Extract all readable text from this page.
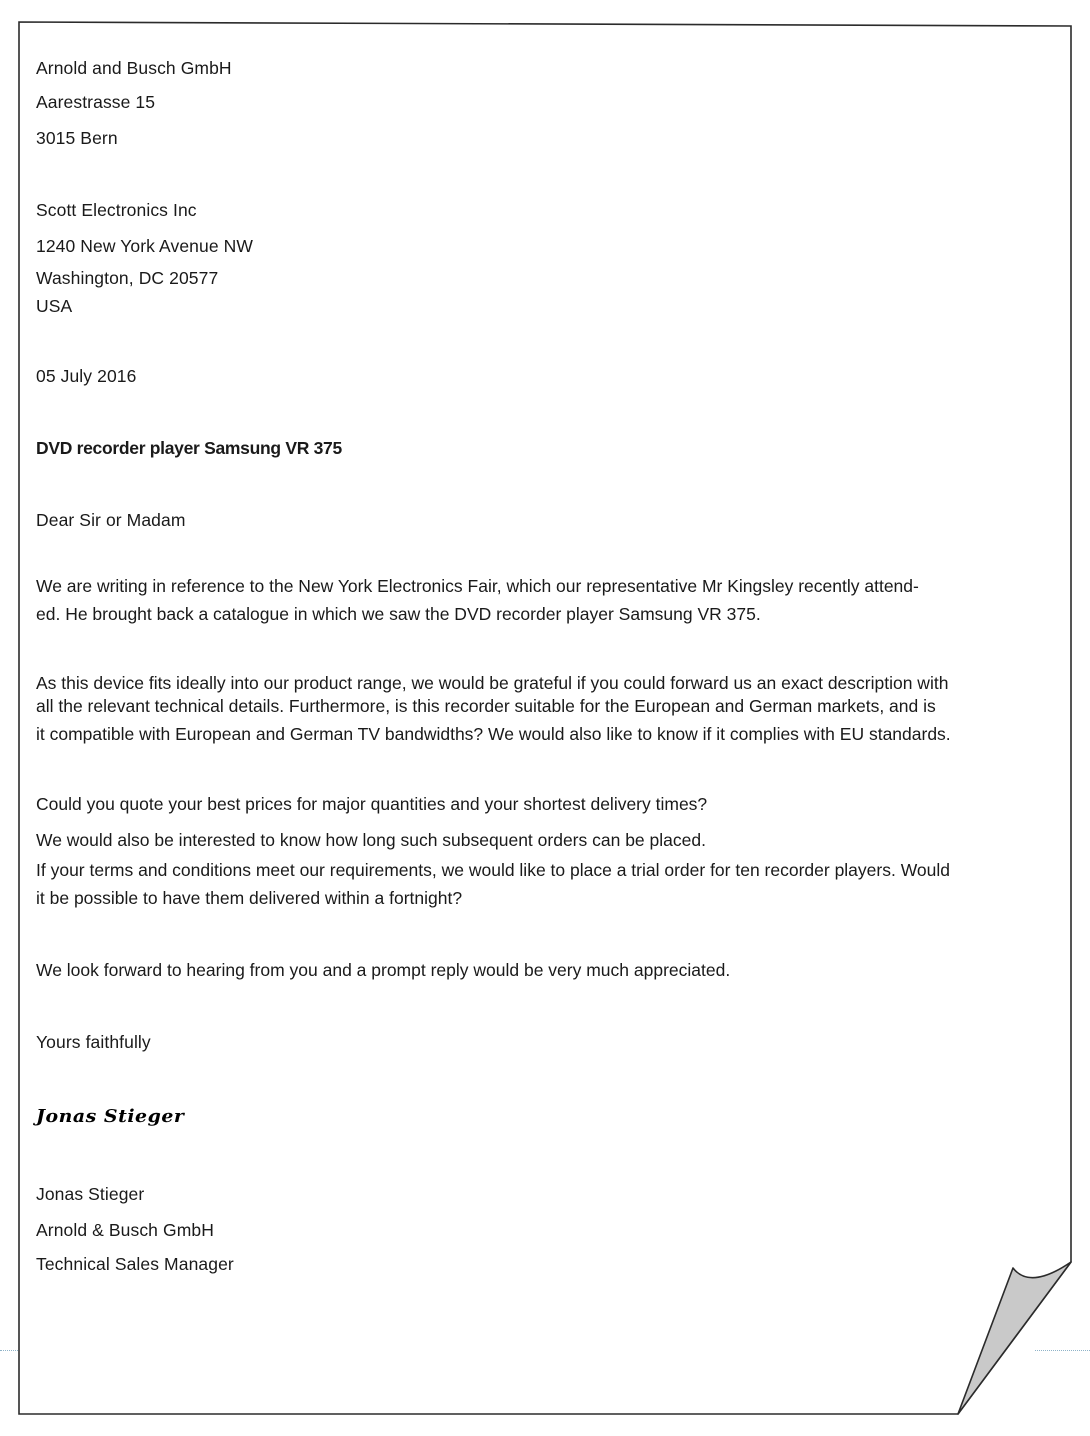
Arnold and Busch GmbH
Aarestrasse 15
3015 Bern
Scott Electronics Inc
1240 New York Avenue NW
Washington, DC 20577
USA
05 July 2016
DVD recorder player Samsung VR 375
Dear Sir or Madam
We are writing in reference to the New York Electronics Fair, which our representative Mr Kingsley recently attend-
ed. He brought back a catalogue in which we saw the DVD recorder player Samsung VR 375.
As this device fits ideally into our product range, we would be grateful if you could forward us an exact description with
all the relevant technical details. Furthermore, is this recorder suitable for the European and German markets, and is
it compatible with European and German TV bandwidths? We would also like to know if it complies with EU standards.
Could you quote your best prices for major quantities and your shortest delivery times?
We would also be interested to know how long such subsequent orders can be placed.
If your terms and conditions meet our requirements, we would like to place a trial order for ten recorder players. Would
it be possible to have them delivered within a fortnight?
We look forward to hearing from you and a prompt reply would be very much appreciated.
Yours faithfully
Jonas Stieger
Jonas Stieger
Arnold & Busch GmbH
Technical Sales Manager
